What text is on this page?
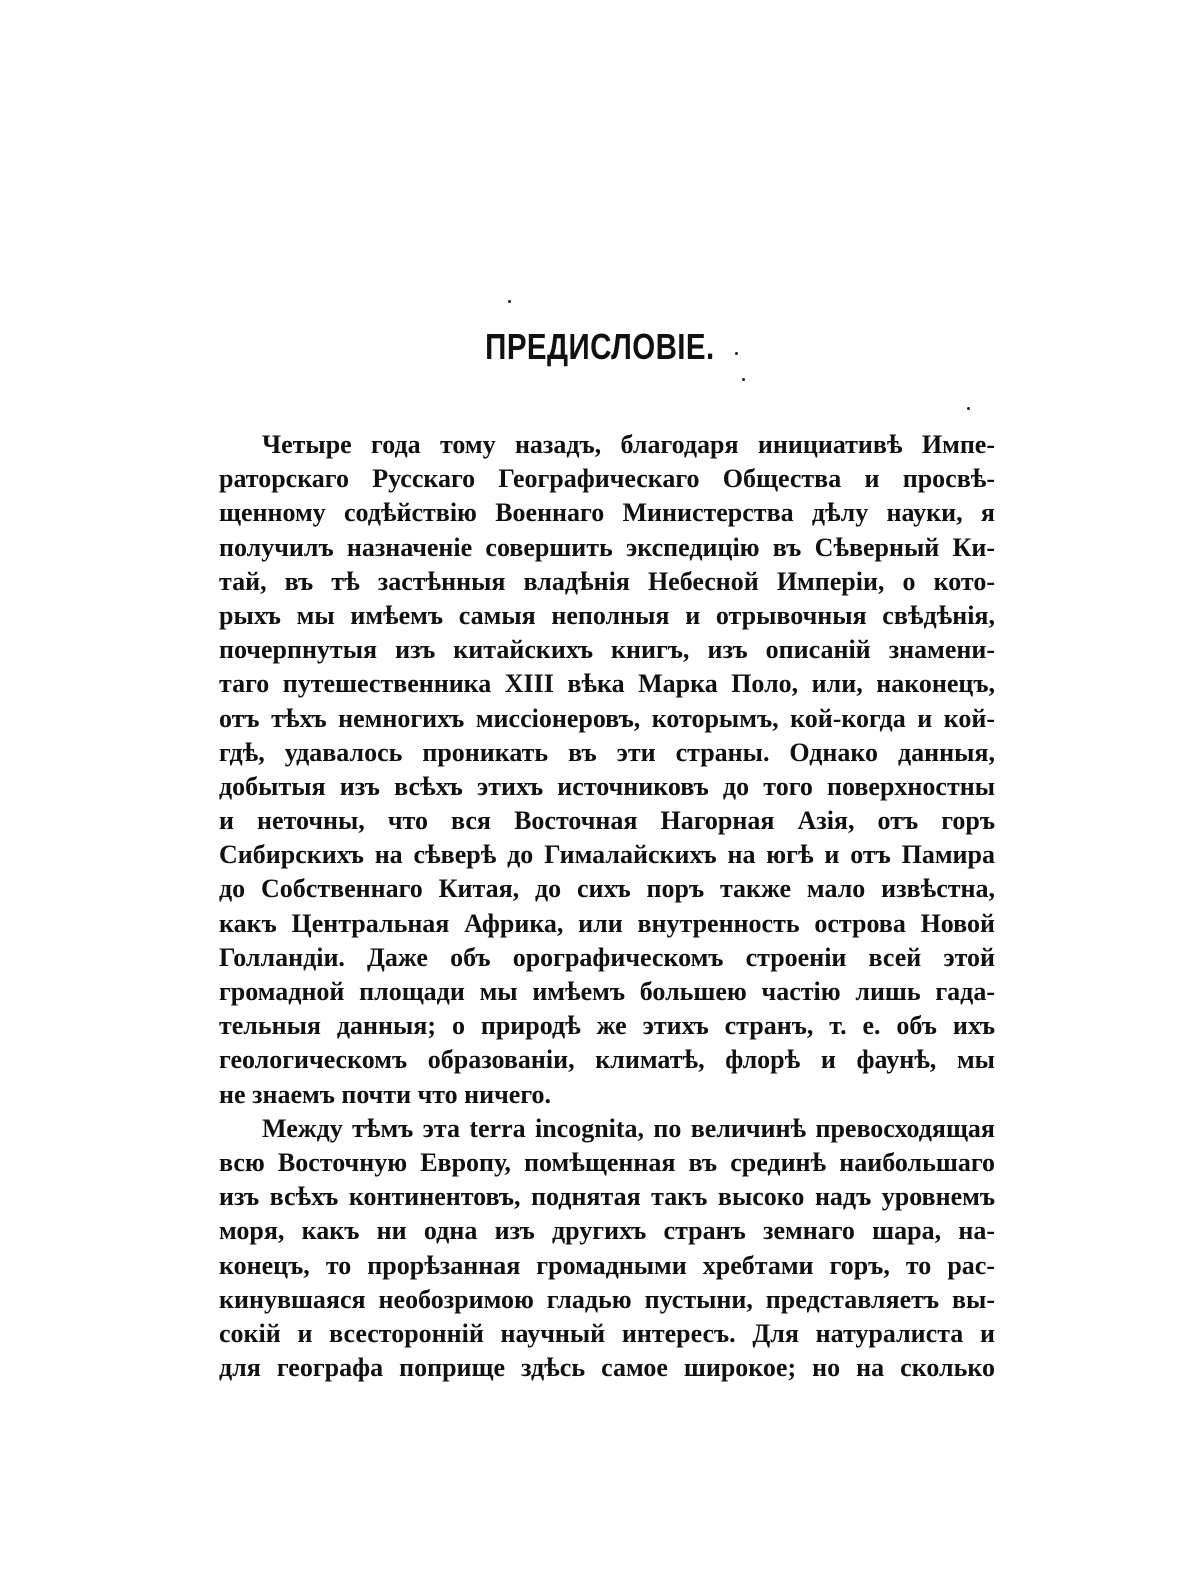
ПРЕДИСЛОВІЕ.
Четыре года тому назадъ, благодаря инициативѣ Импе-
раторскаго Русскаго Географическаго Общества и просвѣ-
щенному содѣйствію Военнаго Министерства дѣлу науки, я
получилъ назначеніе совершить экспедицію въ Сѣверный Ки-
тай, въ тѣ застѣнныя владѣнія Небесной Имперіи, о кото-
рыхъ мы имѣемъ самыя неполныя и отрывочныя свѣдѣнія,
почерпнутыя изъ китайскихъ книгъ, изъ описаній знамени-
таго путешественника XIII вѣка Марка Поло, или, наконецъ,
отъ тѣхъ немногихъ миссіонеровъ, которымъ, кой-когда и кой-
гдѣ, удавалось проникать въ эти страны. Однако данныя,
добытыя изъ всѣхъ этихъ источниковъ до того поверхностны
и неточны, что вся Восточная Нагорная Азія, отъ горъ
Сибирскихъ на сѣверѣ до Гималайскихъ на югѣ и отъ Памира
до Собственнаго Китая, до сихъ поръ также мало извѣстна,
какъ Центральная Африка, или внутренность острова Новой
Голландіи. Даже объ орографическомъ строеніи всей этой
громадной площади мы имѣемъ большею частію лишь гада-
тельныя данныя; о природѣ же этихъ странъ, т. е. объ ихъ
геологическомъ образованіи, климатѣ, флорѣ и фаунѣ, мы
не знаемъ почти что ничего.
Между тѣмъ эта terra incognita, по величинѣ превосходящая
всю Восточную Европу, помѣщенная въ срединѣ наибольшаго
изъ всѣхъ континентовъ, поднятая такъ высоко надъ уровнемъ
моря, какъ ни одна изъ другихъ странъ земнаго шара, на-
конецъ, то прорѣзанная громадными хребтами горъ, то рас-
кинувшаяся необозримою гладью пустыни, представляетъ вы-
сокій и всесторонній научный интересъ. Для натуралиста и
для географа поприще здѣсь самое широкое; но на сколько
